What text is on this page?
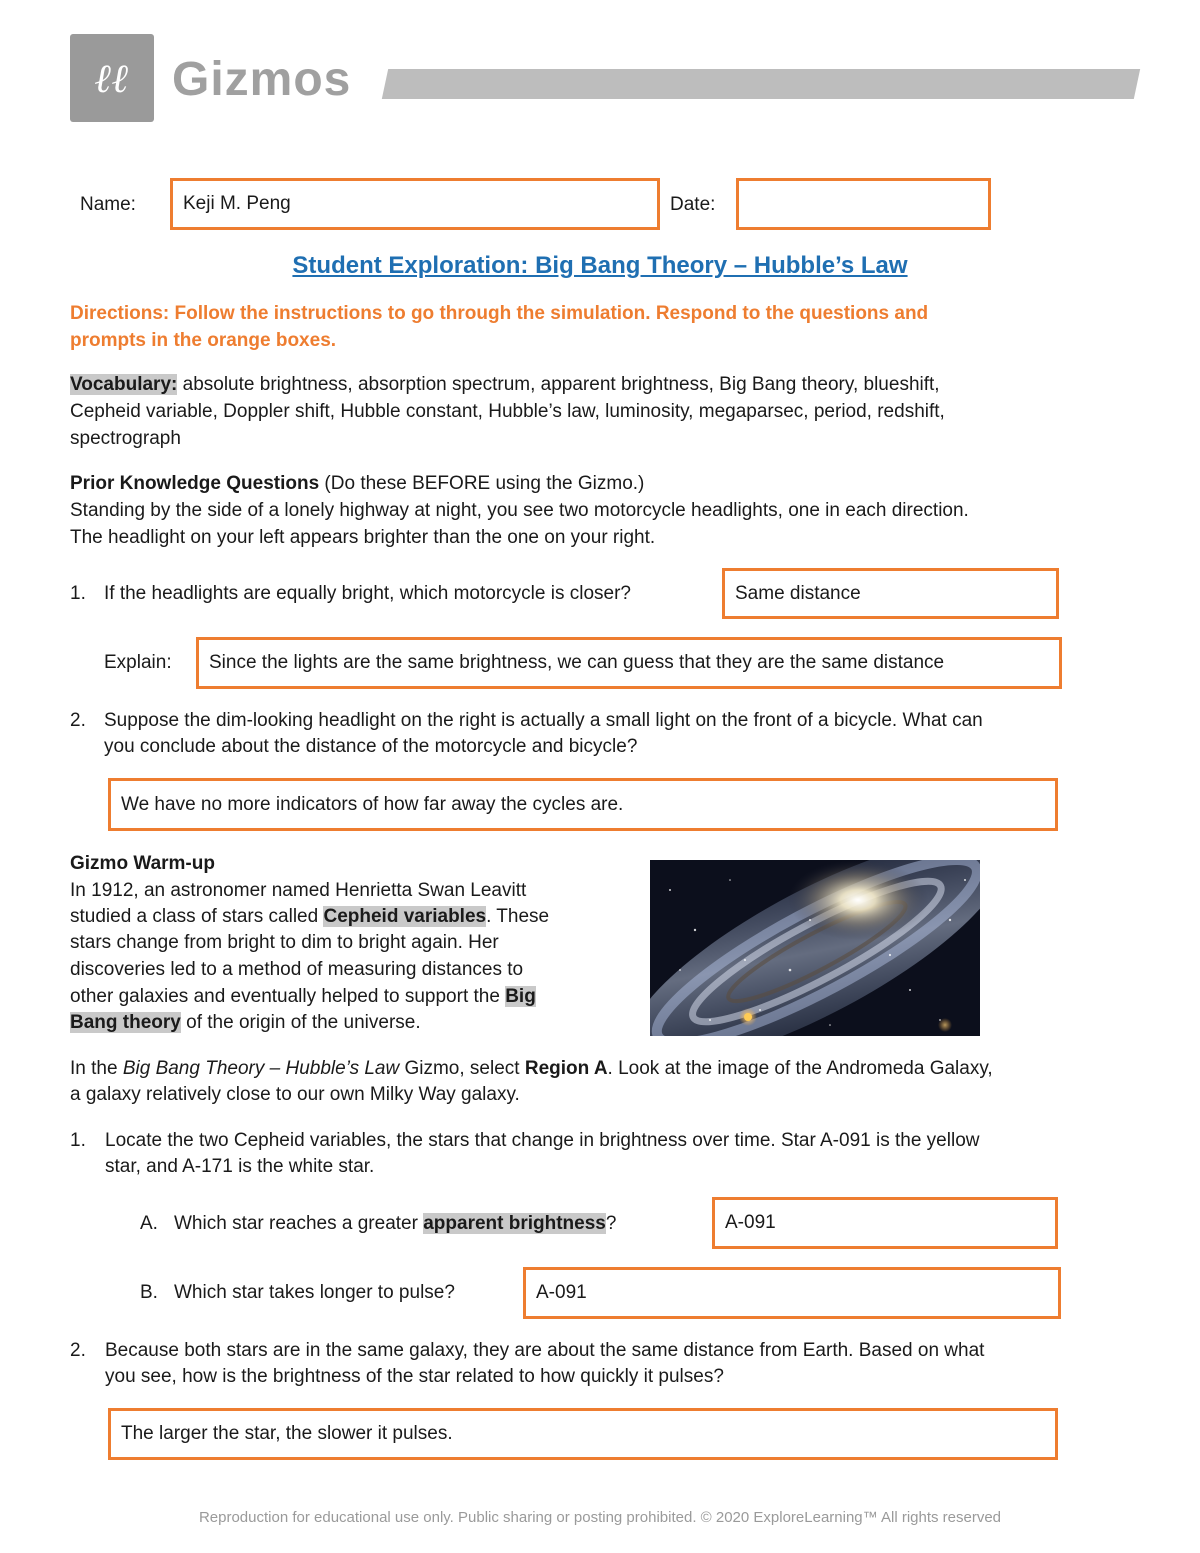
ℓℓ Gizmos
Name:	Keji M. Peng	Date:
Student Exploration: Big Bang Theory – Hubble’s Law
Directions: Follow the instructions to go through the simulation. Respond to the questions and
prompts in the orange boxes.
Vocabulary: absolute brightness, absorption spectrum, apparent brightness, Big Bang theory, blueshift,
Cepheid variable, Doppler shift, Hubble constant, Hubble’s law, luminosity, megaparsec, period, redshift,
spectrograph
Prior Knowledge Questions (Do these BEFORE using the Gizmo.)
Standing by the side of a lonely highway at night, you see two motorcycle headlights, one in each direction.
The headlight on your left appears brighter than the one on your right.
1. If the headlights are equally bright, which motorcycle is closer?	Same distance
Explain:	Since the lights are the same brightness, we can guess that they are the same distance
2. Suppose the dim-looking headlight on the right is actually a small light on the front of a bicycle. What can
you conclude about the distance of the motorcycle and bicycle?
We have no more indicators of how far away the cycles are.
Gizmo Warm-up
In 1912, an astronomer named Henrietta Swan Leavitt
studied a class of stars called Cepheid variables. These
stars change from bright to dim to bright again. Her
discoveries led to a method of measuring distances to
other galaxies and eventually helped to support the Big
Bang theory of the origin of the universe.
In the Big Bang Theory – Hubble’s Law Gizmo, select Region A. Look at the image of the Andromeda Galaxy,
a galaxy relatively close to our own Milky Way galaxy.
1. Locate the two Cepheid variables, the stars that change in brightness over time. Star A-091 is the yellow
star, and A-171 is the white star.
A. Which star reaches a greater apparent brightness?	A-091
B. Which star takes longer to pulse?	A-091
2. Because both stars are in the same galaxy, they are about the same distance from Earth. Based on what
you see, how is the brightness of the star related to how quickly it pulses?
The larger the star, the slower it pulses.
Reproduction for educational use only. Public sharing or posting prohibited. © 2020 ExploreLearning™ All rights reserved
